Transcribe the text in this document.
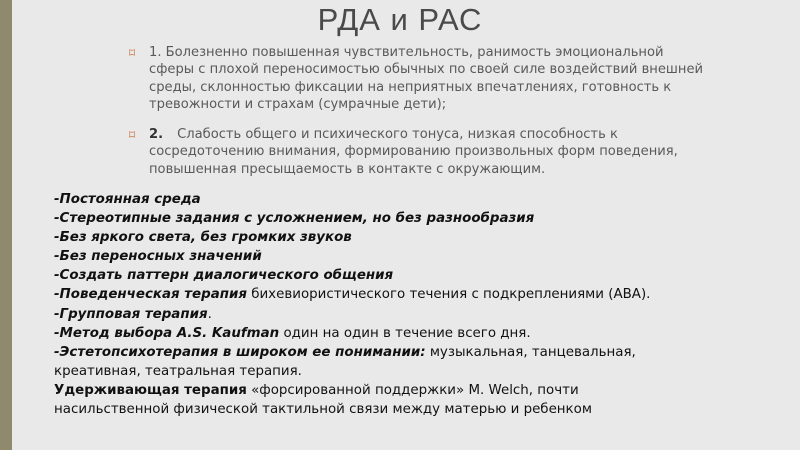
РДА и РАС
⌑ 1. Болезненно повышенная чувствительность, ранимость эмоциональной сферы с плохой переносимостью обычных по своей силе воздействий внешней среды, склонностью фиксации на неприятных впечатлениях, готовность к тревожности и страхам (сумрачные дети);
⌑ 2. Слабость общего и психического тонуса, низкая способность к сосредоточению внимания, формированию произвольных форм поведения, повышенная пресыщаемость в контакте с окружающим.
-Постоянная среда
-Стереотипные задания с усложнением, но без разнообразия
-Без яркого света, без громких звуков
-Без переносных значений
-Создать паттерн диалогического общения
-Поведенческая терапия бихевиористического течения с подкреплениями (ABA).
-Групповая терапия.
-Метод выбора A.S. Kaufman один на один в течение всего дня.
-Эстетопсихотерапия в широком ее понимании: музыкальная, танцевальная,
креативная, театральная терапия.
Удерживающая терапия «форсированной поддержки» M. Welch, почти
насильственной физической тактильной связи между матерью и ребенком
